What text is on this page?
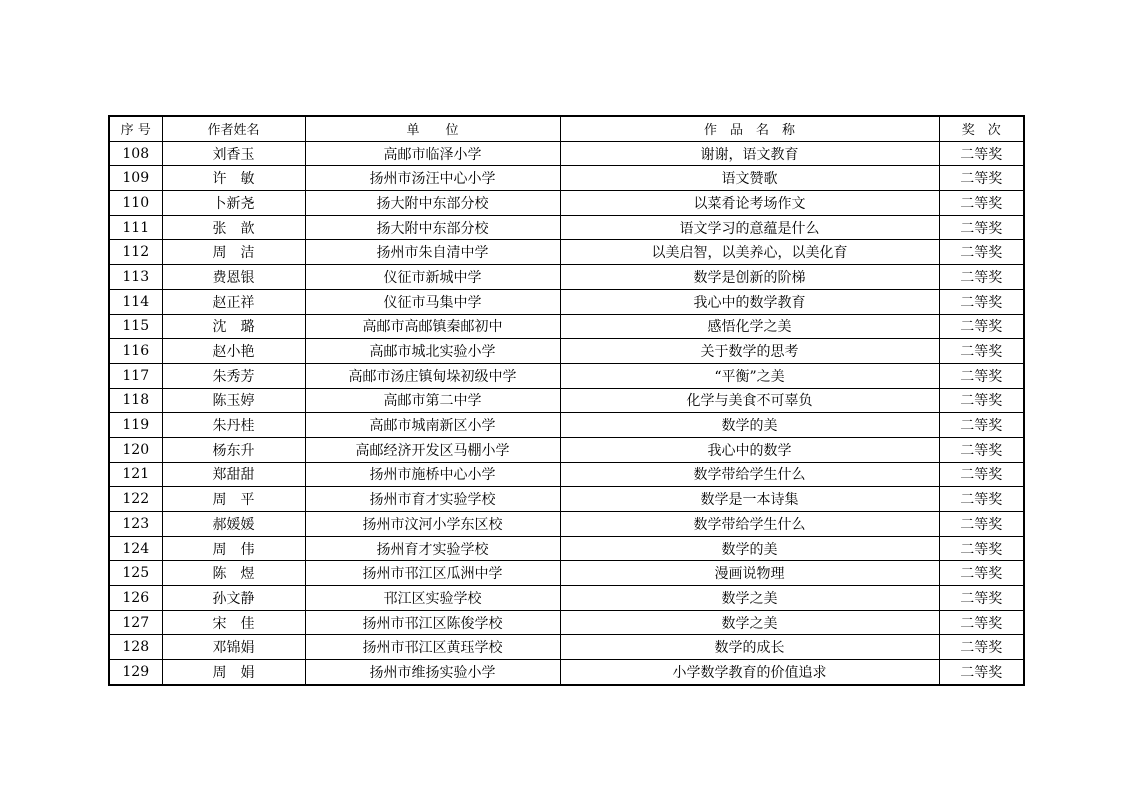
序 号	作者姓名	单　　位	作　品　名　称	奖　次
108	刘香玉	高邮市临泽小学	谢谢，语文教育	二等奖
109	许　敏	扬州市汤汪中心小学	语文赞歌	二等奖
110	卜新尧	扬大附中东部分校	以菜肴论考场作文	二等奖
111	张　歆	扬大附中东部分校	语文学习的意蕴是什么	二等奖
112	周　洁	扬州市朱自清中学	以美启智，以美养心，以美化育	二等奖
113	费恩银	仪征市新城中学	数学是创新的阶梯	二等奖
114	赵正祥	仪征市马集中学	我心中的数学教育	二等奖
115	沈　璐	高邮市高邮镇秦邮初中	感悟化学之美	二等奖
116	赵小艳	高邮市城北实验小学	关于数学的思考	二等奖
117	朱秀芳	高邮市汤庄镇甸垛初级中学	“平衡”之美	二等奖
118	陈玉婷	高邮市第二中学	化学与美食不可辜负	二等奖
119	朱丹桂	高邮市城南新区小学	数学的美	二等奖
120	杨东升	高邮经济开发区马棚小学	我心中的数学	二等奖
121	郑甜甜	扬州市施桥中心小学	数学带给学生什么	二等奖
122	周　平	扬州市育才实验学校	数学是一本诗集	二等奖
123	郝媛媛	扬州市汶河小学东区校	数学带给学生什么	二等奖
124	周　伟	扬州育才实验学校	数学的美	二等奖
125	陈　煜	扬州市邗江区瓜洲中学	漫画说物理	二等奖
126	孙文静	邗江区实验学校	数学之美	二等奖
127	宋　佳	扬州市邗江区陈俊学校	数学之美	二等奖
128	邓锦娟	扬州市邗江区黄珏学校	数学的成长	二等奖
129	周　娟	扬州市维扬实验小学	小学数学教育的价值追求	二等奖
